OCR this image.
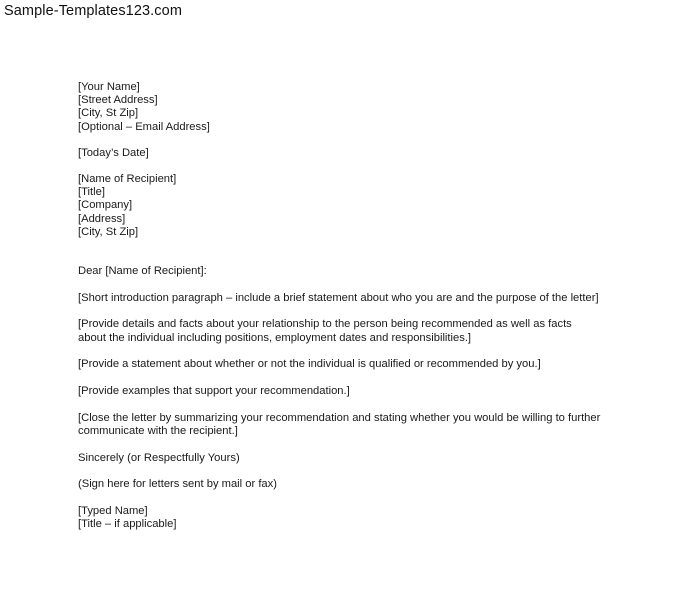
Sample-Templates123.com
[Your Name]
[Street Address]
[City, St Zip]
[Optional – Email Address]
[Today’s Date]
[Name of Recipient]
[Title]
[Company]
[Address]
[City, St Zip]
Dear [Name of Recipient]:
[Short introduction paragraph – include a brief statement about who you are and the purpose of the letter]
[Provide details and facts about your relationship to the person being recommended as well as facts
about the individual including positions, employment dates and responsibilities.]
[Provide a statement about whether or not the individual is qualified or recommended by you.]
[Provide examples that support your recommendation.]
[Close the letter by summarizing your recommendation and stating whether you would be willing to further
communicate with the recipient.]
Sincerely (or Respectfully Yours)
(Sign here for letters sent by mail or fax)
[Typed Name]
[Title – if applicable]
